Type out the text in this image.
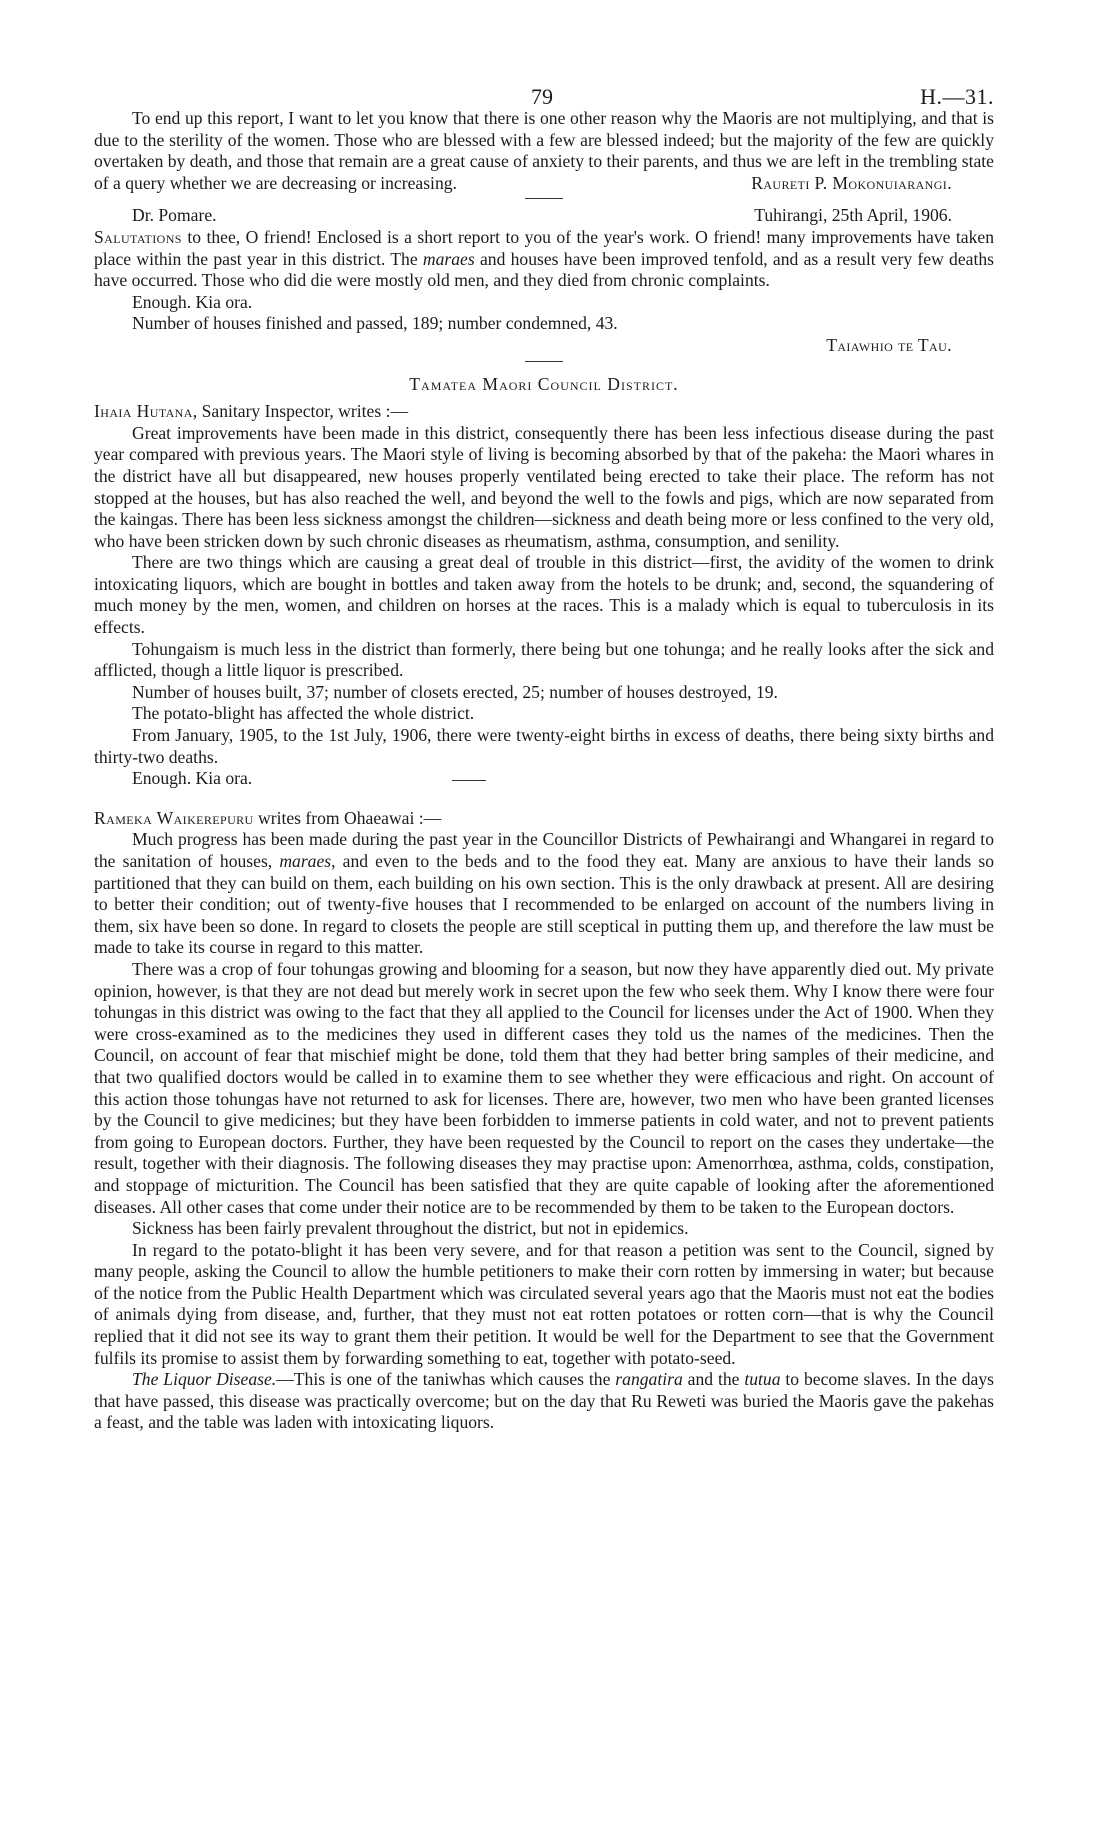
79	H.—31.

To end up this report, I want to let you know that there is one other reason why the Maoris are not multiplying, and that is due to the sterility of the women. Those who are blessed with a few are blessed indeed; but the majority of the few are quickly overtaken by death, and those that remain are a great cause of anxiety to their parents, and thus we are left in the trembling state of a query whether we are decreasing or increasing.	Raureti P. Mokonuiarangi.
Dr. Pomare.	Tuhirangi, 25th April, 1906.

Salutations to thee, O friend! Enclosed is a short report to you of the year's work. O friend! many improvements have taken place within the past year in this district. The maraes and houses have been improved tenfold, and as a result very few deaths have occurred. Those who did die were mostly old men, and they died from chronic complaints.

Enough. Kia ora.

Number of houses finished and passed, 189; number condemned, 43.

Taiawhio te Tau.
Tamatea Maori Council District.

Ihaia Hutana, Sanitary Inspector, writes :—

Great improvements have been made in this district, consequently there has been less infectious disease during the past year compared with previous years. The Maori style of living is becoming absorbed by that of the pakeha: the Maori whares in the district have all but disappeared, new houses properly ventilated being erected to take their place. The reform has not stopped at the houses, but has also reached the well, and beyond the well to the fowls and pigs, which are now separated from the kaingas. There has been less sickness amongst the children—sickness and death being more or less confined to the very old, who have been stricken down by such chronic diseases as rheumatism, asthma, consumption, and senility.

There are two things which are causing a great deal of trouble in this district—first, the avidity of the women to drink intoxicating liquors, which are bought in bottles and taken away from the hotels to be drunk; and, second, the squandering of much money by the men, women, and children on horses at the races. This is a malady which is equal to tuberculosis in its effects.

Tohungaism is much less in the district than formerly, there being but one tohunga; and he really looks after the sick and afflicted, though a little liquor is prescribed.

Number of houses built, 37; number of closets erected, 25; number of houses destroyed, 19.

The potato-blight has affected the whole district.

From January, 1905, to the 1st July, 1906, there were twenty-eight births in excess of deaths, there being sixty births and thirty-two deaths.

Enough. Kia ora.

Rameka Waikerepuru writes from Ohaeawai :—

Much progress has been made during the past year in the Councillor Districts of Pewhairangi and Whangarei in regard to the sanitation of houses, maraes, and even to the beds and to the food they eat. Many are anxious to have their lands so partitioned that they can build on them, each building on his own section. This is the only drawback at present. All are desiring to better their condition; out of twenty-five houses that I recommended to be enlarged on account of the numbers living in them, six have been so done. In regard to closets the people are still sceptical in putting them up, and therefore the law must be made to take its course in regard to this matter.

There was a crop of four tohungas growing and blooming for a season, but now they have apparently died out. My private opinion, however, is that they are not dead but merely work in secret upon the few who seek them. Why I know there were four tohungas in this district was owing to the fact that they all applied to the Council for licenses under the Act of 1900. When they were cross-examined as to the medicines they used in different cases they told us the names of the medicines. Then the Council, on account of fear that mischief might be done, told them that they had better bring samples of their medicine, and that two qualified doctors would be called in to examine them to see whether they were efficacious and right. On account of this action those tohungas have not returned to ask for licenses. There are, however, two men who have been granted licenses by the Council to give medicines; but they have been forbidden to immerse patients in cold water, and not to prevent patients from going to European doctors. Further, they have been requested by the Council to report on the cases they undertake—the result, together with their diagnosis. The following diseases they may practise upon: Amenorrhœa, asthma, colds, constipation, and stoppage of micturition. The Council has been satisfied that they are quite capable of looking after the aforementioned diseases. All other cases that come under their notice are to be recommended by them to be taken to the European doctors.

Sickness has been fairly prevalent throughout the district, but not in epidemics.

In regard to the potato-blight it has been very severe, and for that reason a petition was sent to the Council, signed by many people, asking the Council to allow the humble petitioners to make their corn rotten by immersing in water; but because of the notice from the Public Health Department which was circulated several years ago that the Maoris must not eat the bodies of animals dying from disease, and, further, that they must not eat rotten potatoes or rotten corn—that is why the Council replied that it did not see its way to grant them their petition. It would be well for the Department to see that the Government fulfils its promise to assist them by forwarding something to eat, together with potato-seed.

The Liquor Disease.—This is one of the taniwhas which causes the rangatira and the tutua to become slaves. In the days that have passed, this disease was practically overcome; but on the day that Ru Reweti was buried the Maoris gave the pakehas a feast, and the table was laden with intoxicating liquors.
